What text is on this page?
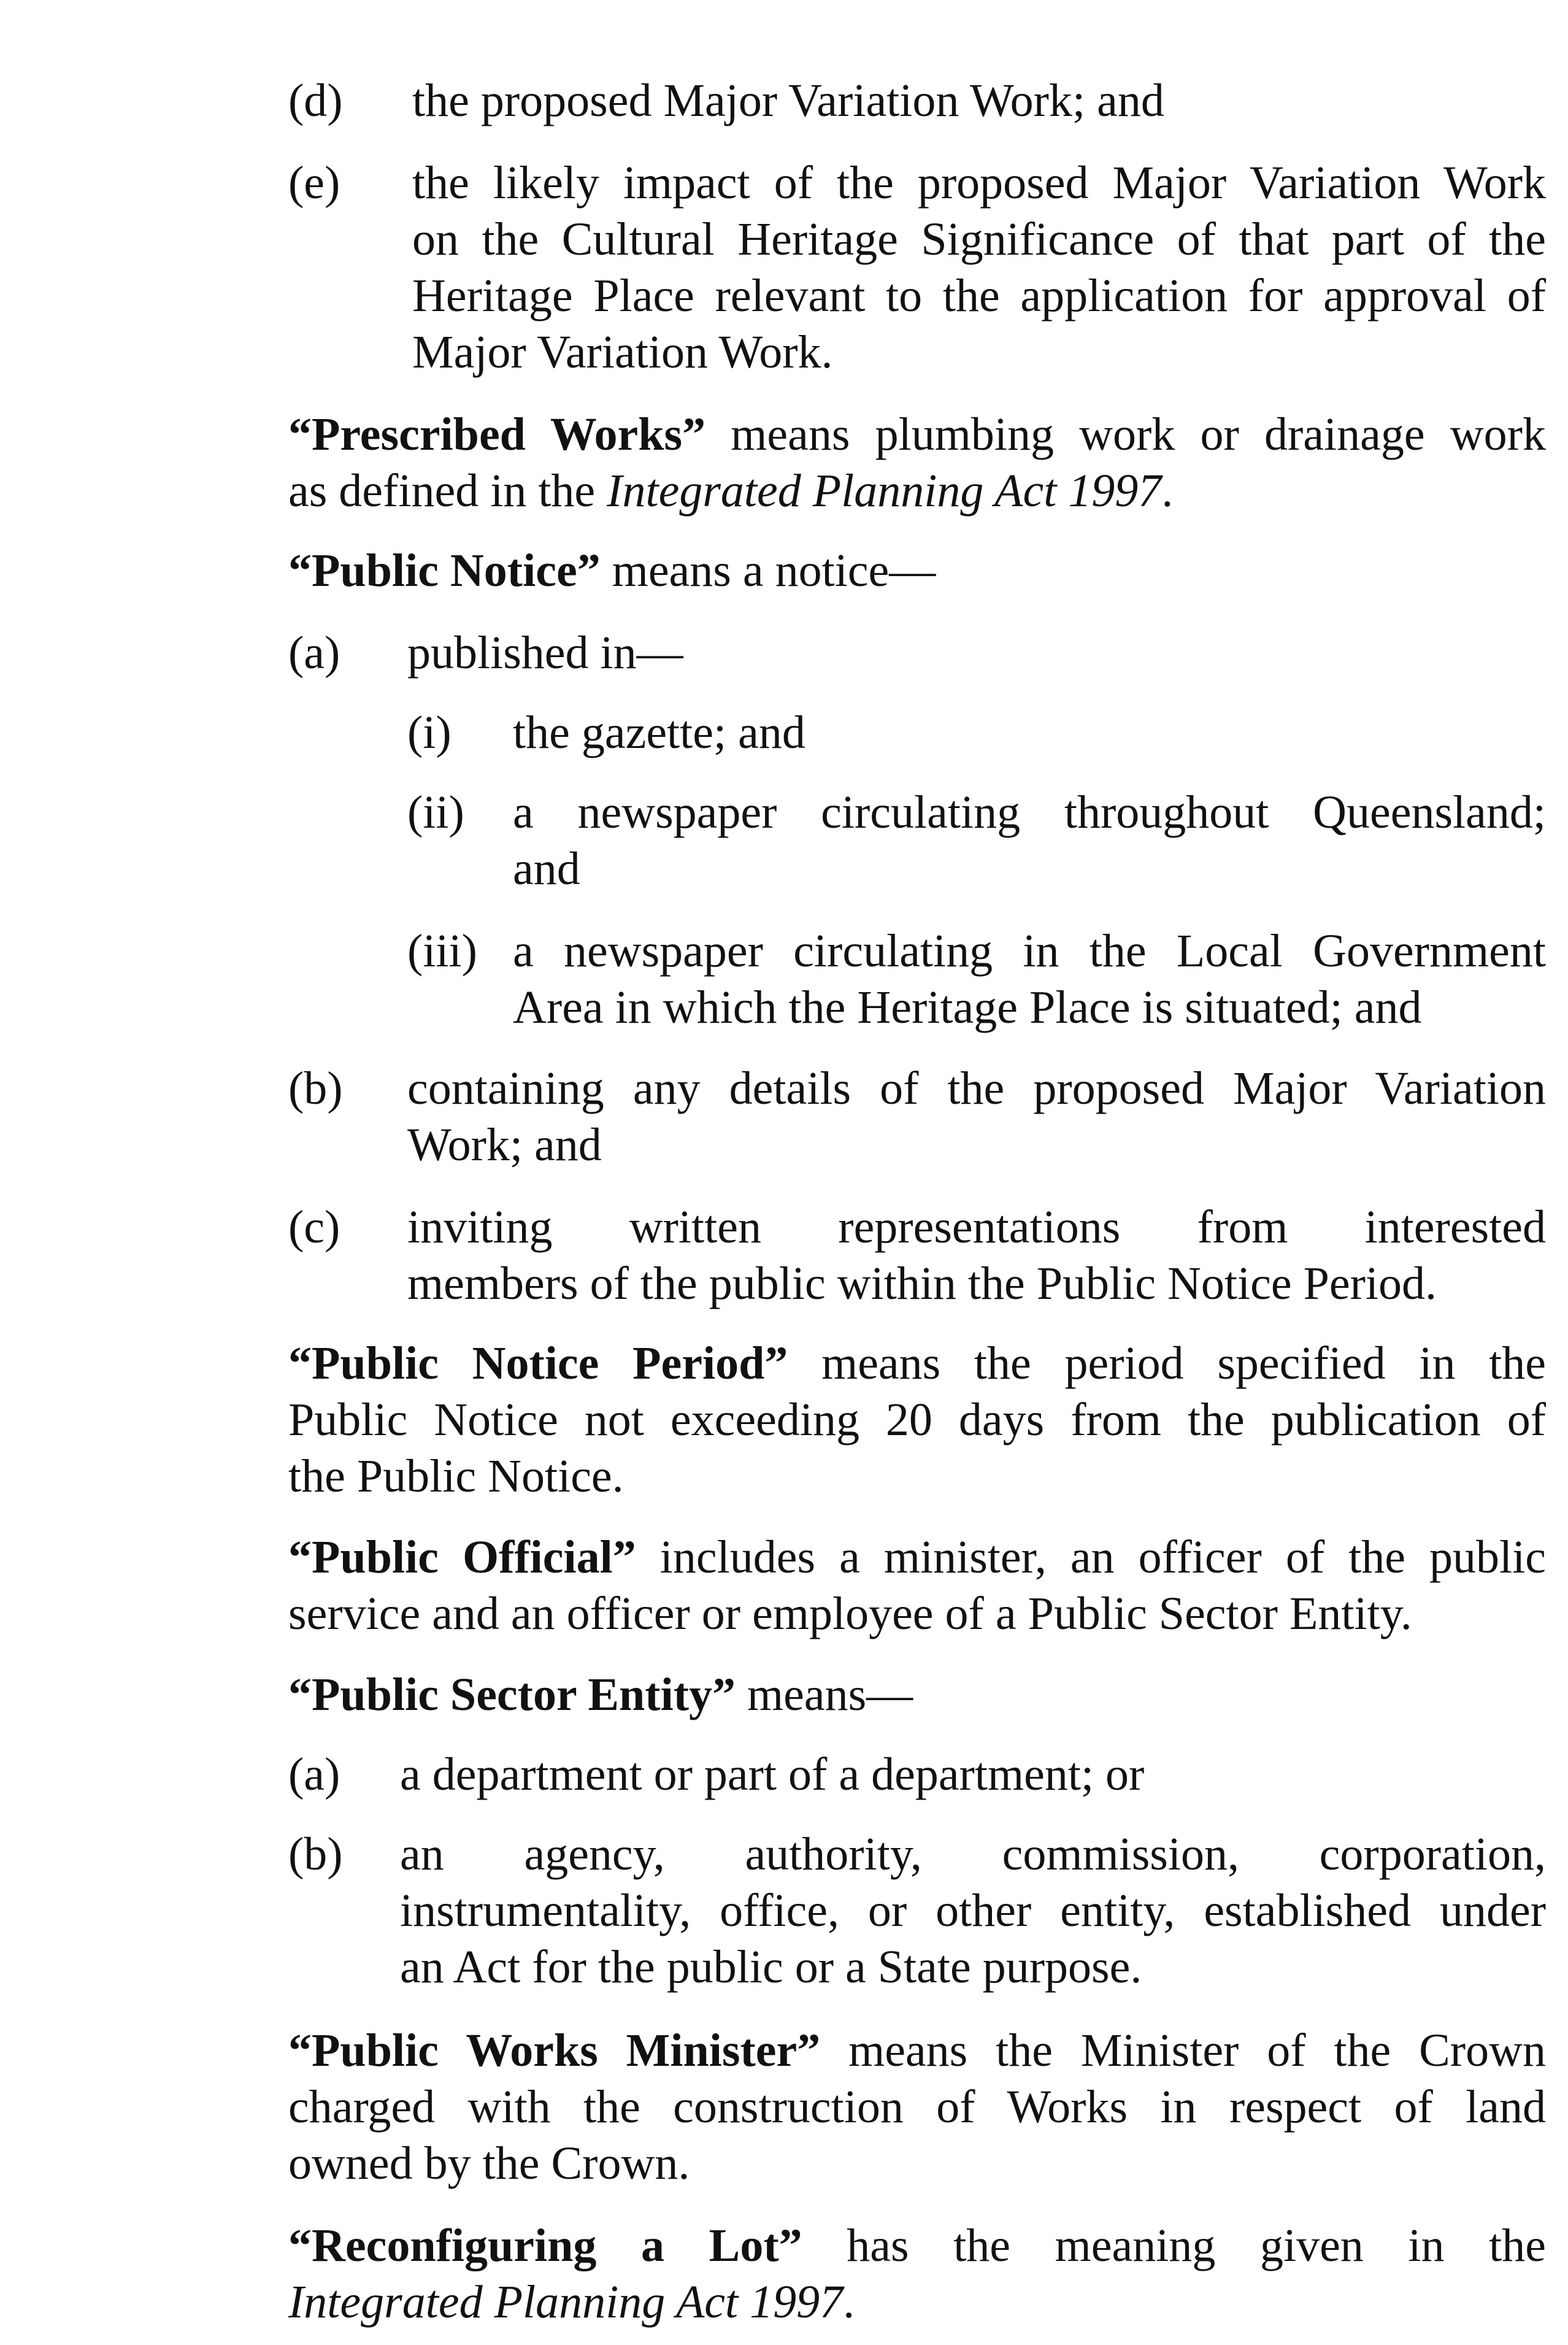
(d) the proposed Major Variation Work; and
(e) the likely impact of the proposed Major Variation Work
on the Cultural Heritage Significance of that part of the
Heritage Place relevant to the application for approval of
Major Variation Work.
“Prescribed Works” means plumbing work or drainage work
as defined in the Integrated Planning Act 1997.
“Public Notice” means a notice—
(a) published in—
(i) the gazette; and
(ii) a newspaper circulating throughout Queensland;
and
(iii) a newspaper circulating in the Local Government
Area in which the Heritage Place is situated; and
(b) containing any details of the proposed Major Variation
Work; and
(c) inviting written representations from interested
members of the public within the Public Notice Period.
“Public Notice Period” means the period specified in the
Public Notice not exceeding 20 days from the publication of
the Public Notice.
“Public Official” includes a minister, an officer of the public
service and an officer or employee of a Public Sector Entity.
“Public Sector Entity” means—
(a) a department or part of a department; or
(b) an agency, authority, commission, corporation,
instrumentality, office, or other entity, established under
an Act for the public or a State purpose.
“Public Works Minister” means the Minister of the Crown
charged with the construction of Works in respect of land
owned by the Crown.
“Reconfiguring a Lot” has the meaning given in the
Integrated Planning Act 1997.
